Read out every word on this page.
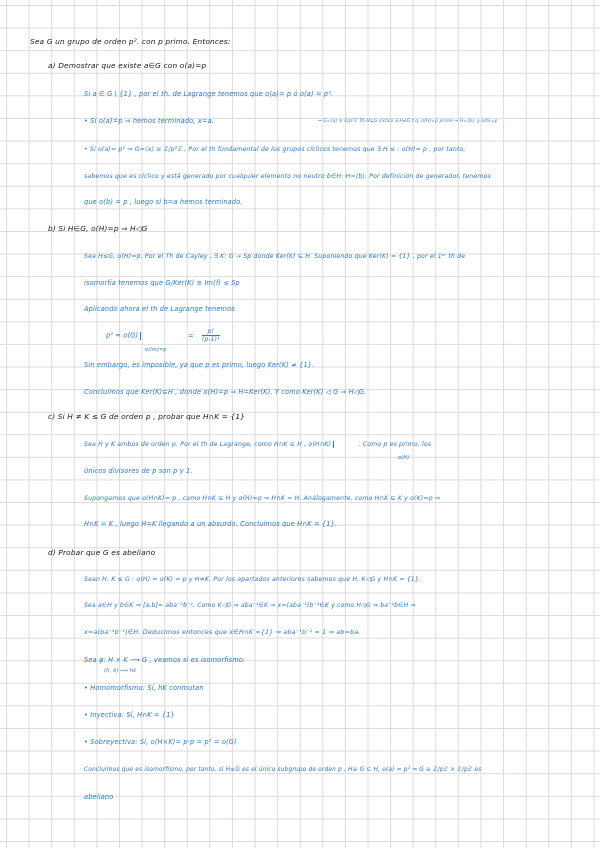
Sea G un grupo de orden p². con p primo. Entonces:
a) Demostrar que existe a∈G con o(a)=p
Si a ∈ G \ {1} , por el th. de Lagrange tenemos que o(a)= p ó o(a) = p².
• Si o(a)=p ⇒ hemos terminado, x=a.	⇒ G=⟨a⟩ ≅ ℤ/p²ℤ Th.H⊆G cíclico ∃ H≤G t.q. o(H)=p primo ⇒ H=⟨b⟩, y o(b)=p
• Si o(a)= p² ⇒ G=⟨a⟩ ≅ ℤ/p²ℤ , Por el th fundamental de los grupos cíclicos tenemos que ∃ H ≤ : o(H)= p , por tanto,
sabemos que es cíclico y está generado por cualquier elemento no neutro b∈H: H=⟨b⟩. Por definición de generador, tenemos
que o(b) = p , luego si b=a hemos terminado.
b) Si H∈G, o(H)=p ⇒ H◁G
Sea H≤G, o(H)=p. Por el Th de Cayley , ∃ K: G → Sp donde Ker(K) ⊆ H. Suponiendo que Ker(K) = {1} , por el 1ᵉʳ th de
isomorfía tenemos que G/Ker(K) ≅ Im(f) ≤ Sp
Aplicando ahora el th de Lagrange tenemos
p² = o(G)	= $\frac{p!}{(p-1)!}$
o(Im)=p
Sin embargo, es imposible, ya que p es primo, luego Ker(K) ≠ {1}.
Concluimos que Ker(K)⊆H , donde o(H)=p ⇒ H=Ker(K). Y como Ker(K) ◁ G ⇒ H◁G.
c) Si H ≠ K ≤ G de orden p , probar que H∩K = {1}
Sea H y K ambos de orden p. Por el th de Lagrange, como H∩K ⊆ H , o(H∩K)	. Como p es primo, los
o(H)
únicos divisores de p son p y 1.
Supongamos que o(H∩K)= p , como H∩K ⊆ H y o(H)=p ⇒ H∩K = H. Análogamente, como H∩K ⊆ K y o(K)=p ⇒
H∩K = K , luego H=K llegando a un absurdo. Concluimos que H∩K = {1}.
d) Probar que G es abeliano
Sean H, K ≤ G : o(H) = o(K) = p y H≠K. Por los apartados anteriores sabemos que H, K◁G y H∩K = {1}.
Sea a∈H y b∈K ⇒ [a,b]= aba⁻¹b⁻¹. Como K◁G ⇒ aba⁻¹∈K ⇒ x=(aba⁻¹)b⁻¹∈K y como H◁G ⇒ ba⁻¹b∈H ⇒
x=a(ba⁻¹b⁻¹)∈H. Deducimos entonces que x∈H∩K ={1} ⇒ aba⁻¹b⁻¹ = 1 ⇒ ab=ba.
Sea φ: H × K ⟶ G , veamos si es isomorfismo:
(h, k) ⟼ hk
• Homomorfismo: Sí, hK conmutan
• Inyectiva: Sí, H∩K = {1}
• Sobreyectiva: Sí, o(H×K)= p·p = p² = o(G)
Concluimos que es isomorfismo, por tanto, si H≤G es el único subgrupo de orden p , H≅ G ⊆ H, o(a) = p² ⇒ G ≅ ℤ/pℤ × ℤ/pℤ es
abeliano
